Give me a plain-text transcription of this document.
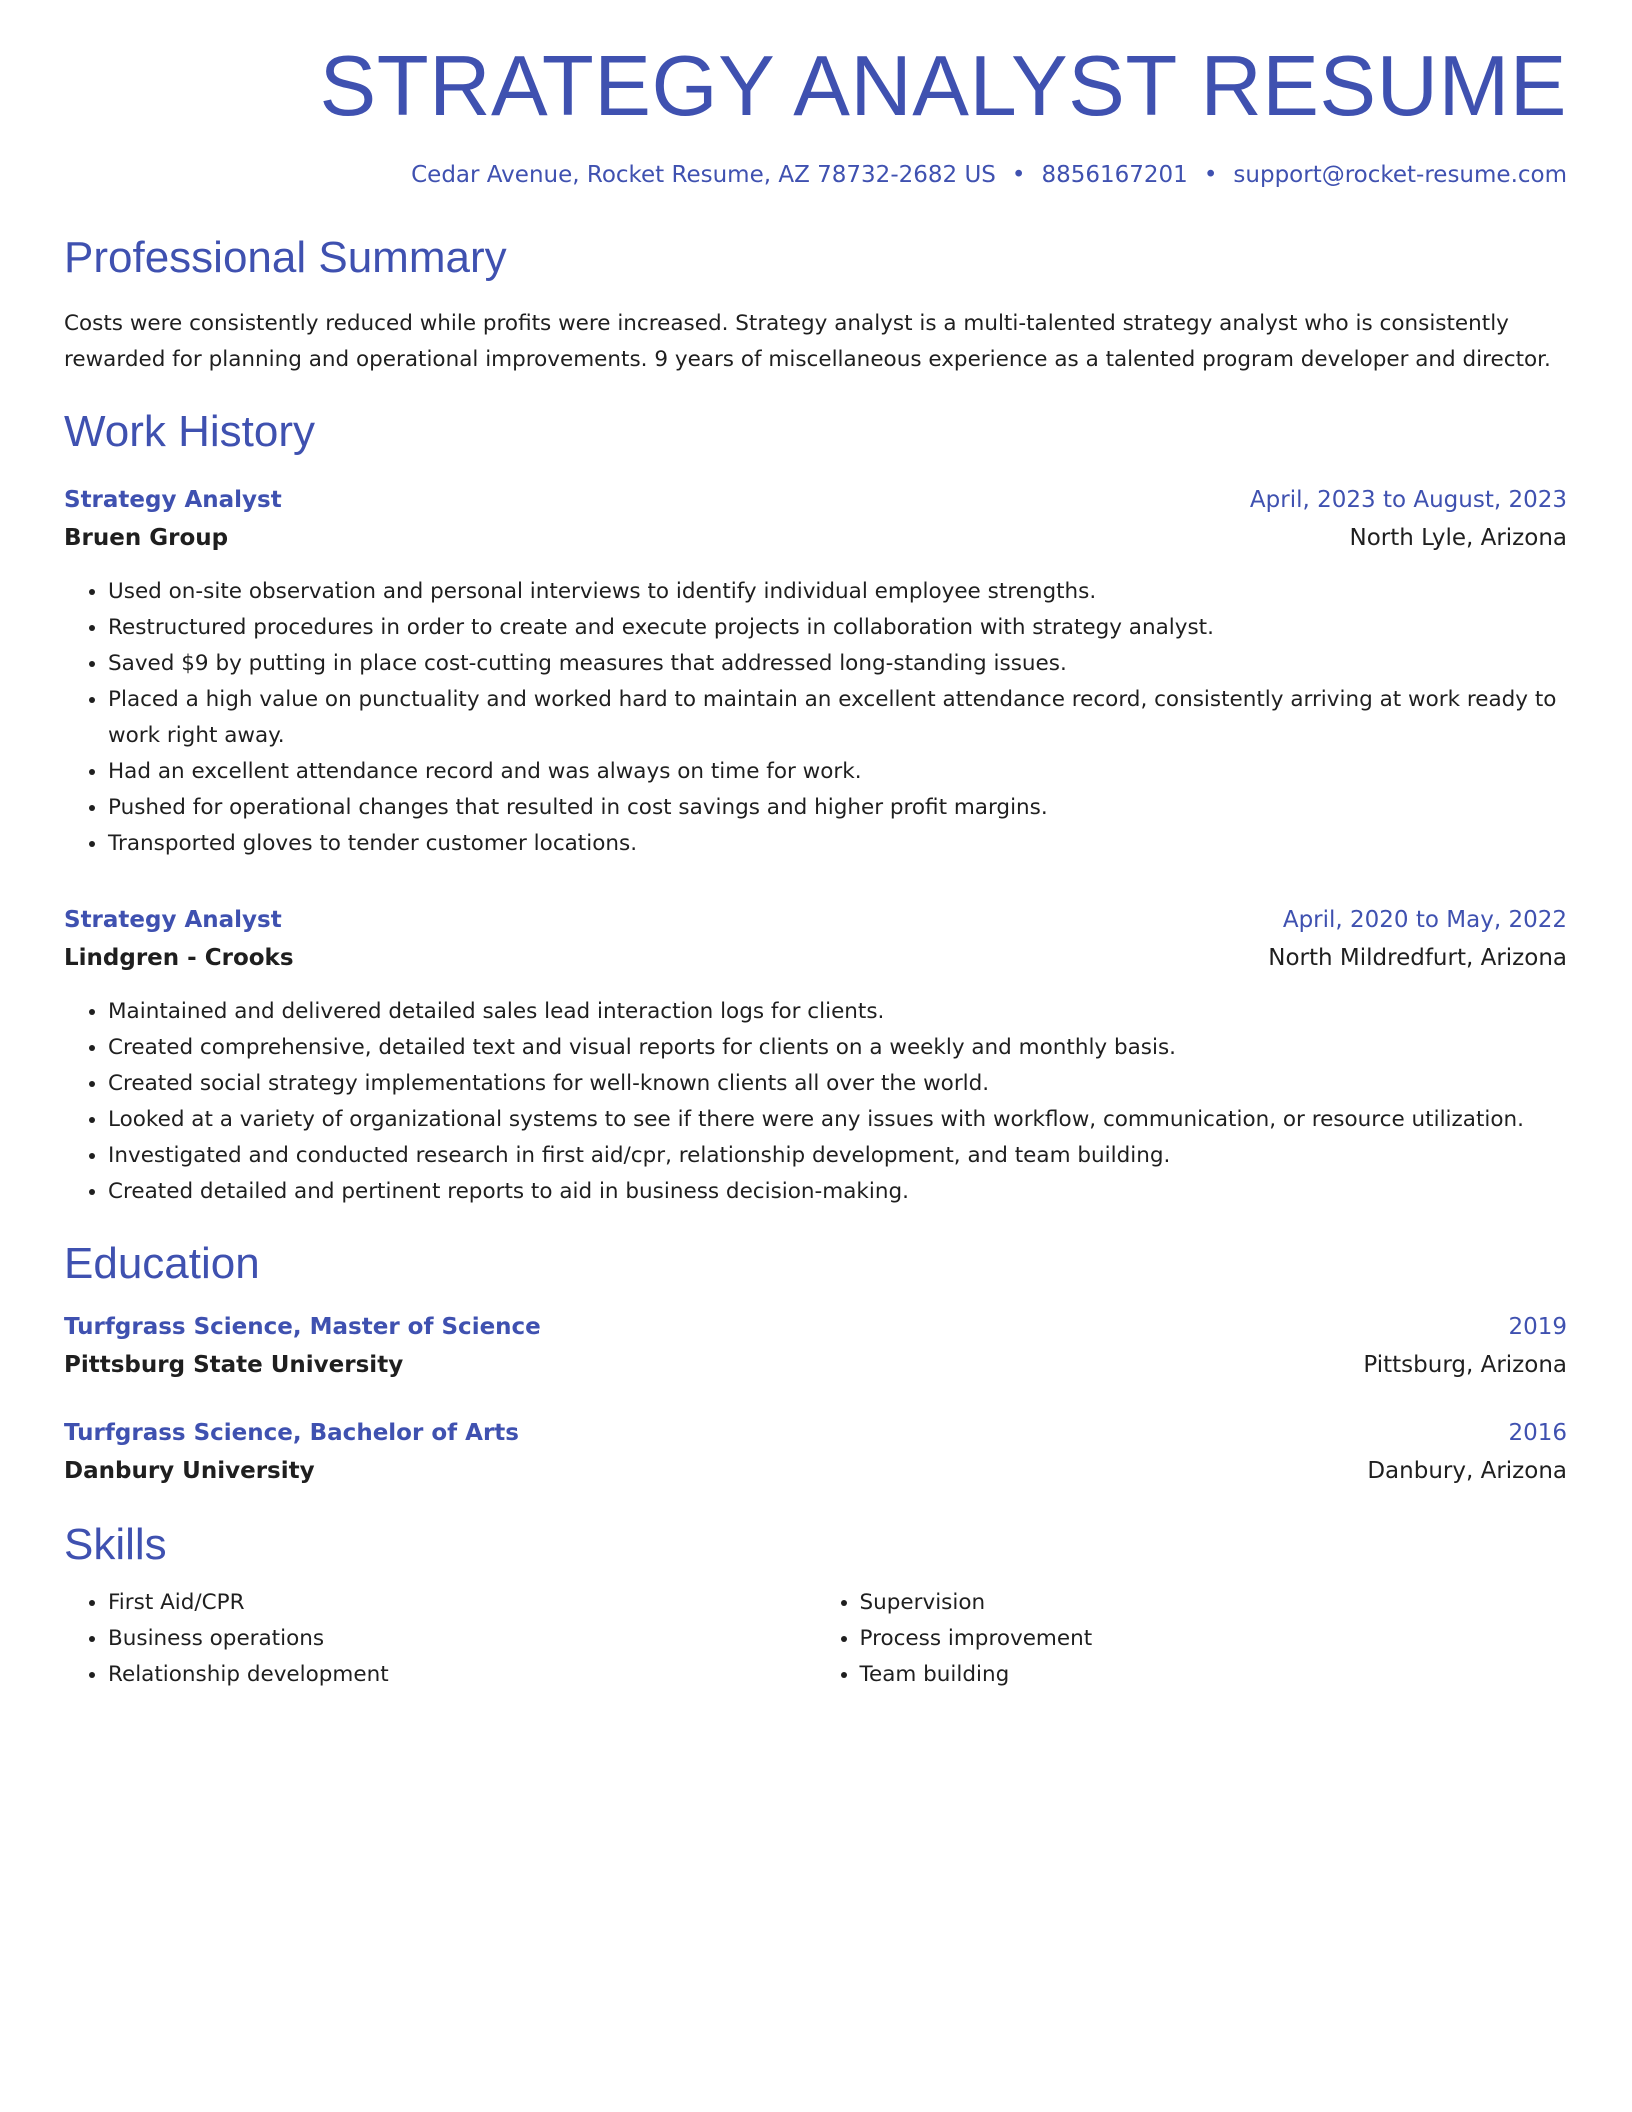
STRATEGY ANALYST RESUME
Cedar Avenue, Rocket Resume, AZ 78732-2682 US • 8856167201 • support@rocket-resume.com
Professional Summary
Costs were consistently reduced while profits were increased. Strategy analyst is a multi-talented strategy analyst who is consistently rewarded for planning and operational improvements. 9 years of miscellaneous experience as a talented program developer and director.
Work History
Strategy Analyst	April, 2023 to August, 2023
Bruen Group	North Lyle, Arizona
• Used on-site observation and personal interviews to identify individual employee strengths.
• Restructured procedures in order to create and execute projects in collaboration with strategy analyst.
• Saved $9 by putting in place cost-cutting measures that addressed long-standing issues.
• Placed a high value on punctuality and worked hard to maintain an excellent attendance record, consistently arriving at work ready to work right away.
• Had an excellent attendance record and was always on time for work.
• Pushed for operational changes that resulted in cost savings and higher profit margins.
• Transported gloves to tender customer locations.
Strategy Analyst	April, 2020 to May, 2022
Lindgren - Crooks	North Mildredfurt, Arizona
• Maintained and delivered detailed sales lead interaction logs for clients.
• Created comprehensive, detailed text and visual reports for clients on a weekly and monthly basis.
• Created social strategy implementations for well-known clients all over the world.
• Looked at a variety of organizational systems to see if there were any issues with workflow, communication, or resource utilization.
• Investigated and conducted research in first aid/cpr, relationship development, and team building.
• Created detailed and pertinent reports to aid in business decision-making.
Education
Turfgrass Science, Master of Science	2019
Pittsburg State University	Pittsburg, Arizona
Turfgrass Science, Bachelor of Arts	2016
Danbury University	Danbury, Arizona
Skills
• First Aid/CPR
• Business operations
• Relationship development
• Supervision
• Process improvement
• Team building
